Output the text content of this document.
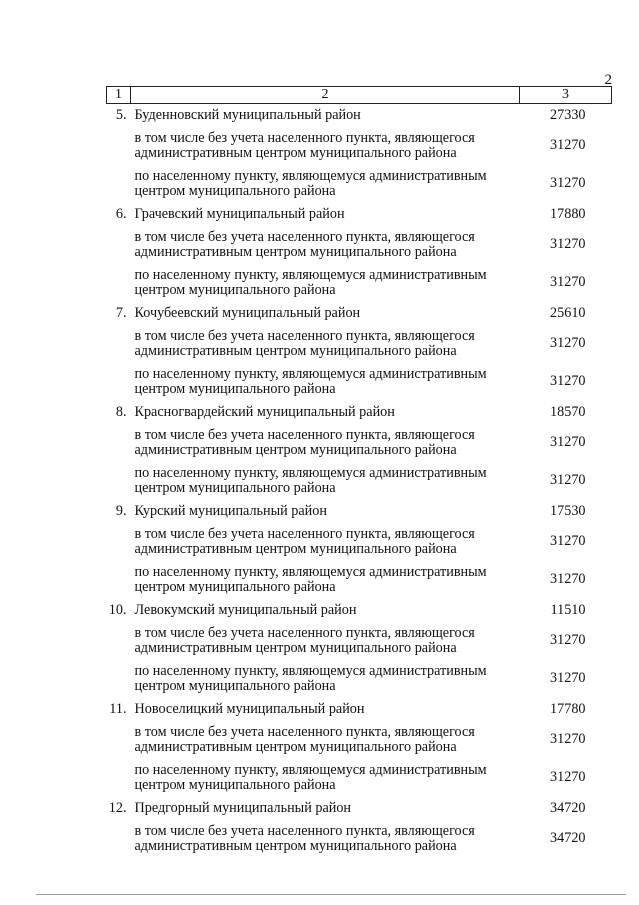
2
1	2	3
5.	Буденновский муниципальный район	27330
	в том числе без учета населенного пункта, являющегося административным центром муниципального района	31270
	по населенному пункту, являющемуся административным центром муниципального района	31270
6.	Грачевский муниципальный район	17880
	в том числе без учета населенного пункта, являющегося административным центром муниципального района	31270
	по населенному пункту, являющемуся административным центром муниципального района	31270
7.	Кочубеевский муниципальный район	25610
	в том числе без учета населенного пункта, являющегося административным центром муниципального района	31270
	по населенному пункту, являющемуся административным центром муниципального района	31270
8.	Красногвардейский муниципальный район	18570
	в том числе без учета населенного пункта, являющегося административным центром муниципального района	31270
	по населенному пункту, являющемуся административным центром муниципального района	31270
9.	Курский муниципальный район	17530
	в том числе без учета населенного пункта, являющегося административным центром муниципального района	31270
	по населенному пункту, являющемуся административным центром муниципального района	31270
10.	Левокумский муниципальный район	11510
	в том числе без учета населенного пункта, являющегося административным центром муниципального района	31270
	по населенному пункту, являющемуся административным центром муниципального района	31270
11.	Новоселицкий муниципальный район	17780
	в том числе без учета населенного пункта, являющегося административным центром муниципального района	31270
	по населенному пункту, являющемуся административным центром муниципального района	31270
12.	Предгорный муниципальный район	34720
	в том числе без учета населенного пункта, являющегося административным центром муниципального района	34720
